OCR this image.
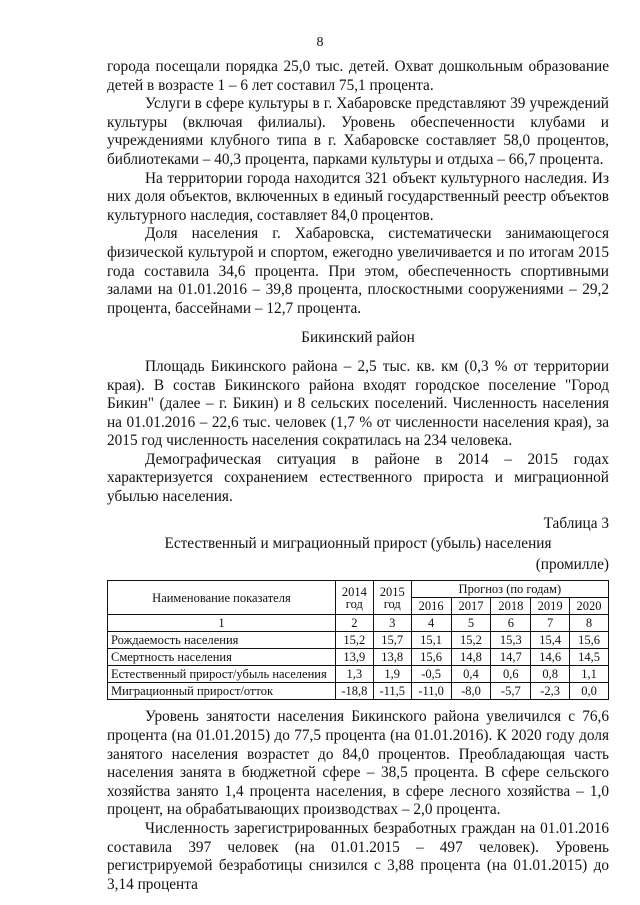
8

города посещали порядка 25,0 тыс. детей. Охват дошкольным образование детей в возрасте 1 – 6 лет составил 75,1 процента.

Услуги в сфере культуры в г. Хабаровске представляют 39 учреждений культуры (включая филиалы). Уровень обеспеченности клубами и учреждениями клубного типа в г. Хабаровске составляет 58,0 процентов, библиотеками – 40,3 процента, парками культуры и отдыха – 66,7 процента.

На территории города находится 321 объект культурного наследия. Из них доля объектов, включенных в единый государственный реестр объектов культурного наследия, составляет 84,0 процентов.

Доля населения г. Хабаровска, систематически занимающегося физической культурой и спортом, ежегодно увеличивается и по итогам 2015 года составила 34,6 процента. При этом, обеспеченность спортивными залами на 01.01.2016 – 39,8 процента, плоскостными сооружениями – 29,2 процента, бассейнами – 12,7 процента.

Бикинский район

Площадь Бикинского района – 2,5 тыс. кв. км (0,3 % от территории края). В состав Бикинского района входят городское поселение "Город Бикин" (далее – г. Бикин) и 8 сельских поселений. Численность населения на 01.01.2016 – 22,6 тыс. человек (1,7 % от численности населения края), за 2015 год численность населения сократилась на 234 человека.

Демографическая ситуация в районе в 2014 – 2015 годах характеризуется сохранением естественного прироста и миграционной убылью населения.

Таблица 3
Естественный и миграционный прирост (убыль) населения
(промилле)
Наименование показателя	2014 год	2015 год	Прогноз (по годам)				
			2016	2017	2018	2019	2020
1	2	3	4	5	6	7	8
Рождаемость населения	15,2	15,7	15,1	15,2	15,3	15,4	15,6
Смертность населения	13,9	13,8	15,6	14,8	14,7	14,6	14,5
Естественный прирост/убыль населения	1,3	1,9	-0,5	0,4	0,6	0,8	1,1
Миграционный прирост/отток	-18,8	-11,5	-11,0	-8,0	-5,7	-2,3	0,0

Уровень занятости населения Бикинского района увеличился с 76,6 процента (на 01.01.2015) до 77,5 процента (на 01.01.2016). К 2020 году доля занятого населения возрастет до 84,0 процентов. Преобладающая часть населения занята в бюджетной сфере – 38,5 процента. В сфере сельского хозяйства занято 1,4 процента населения, в сфере лесного хозяйства – 1,0 процент, на обрабатывающих производствах – 2,0 процента.

Численность зарегистрированных безработных граждан на 01.01.2016 составила 397 человек (на 01.01.2015 – 497 человек). Уровень регистрируемой безработицы снизился с 3,88 процента (на 01.01.2015) до 3,14 процента
